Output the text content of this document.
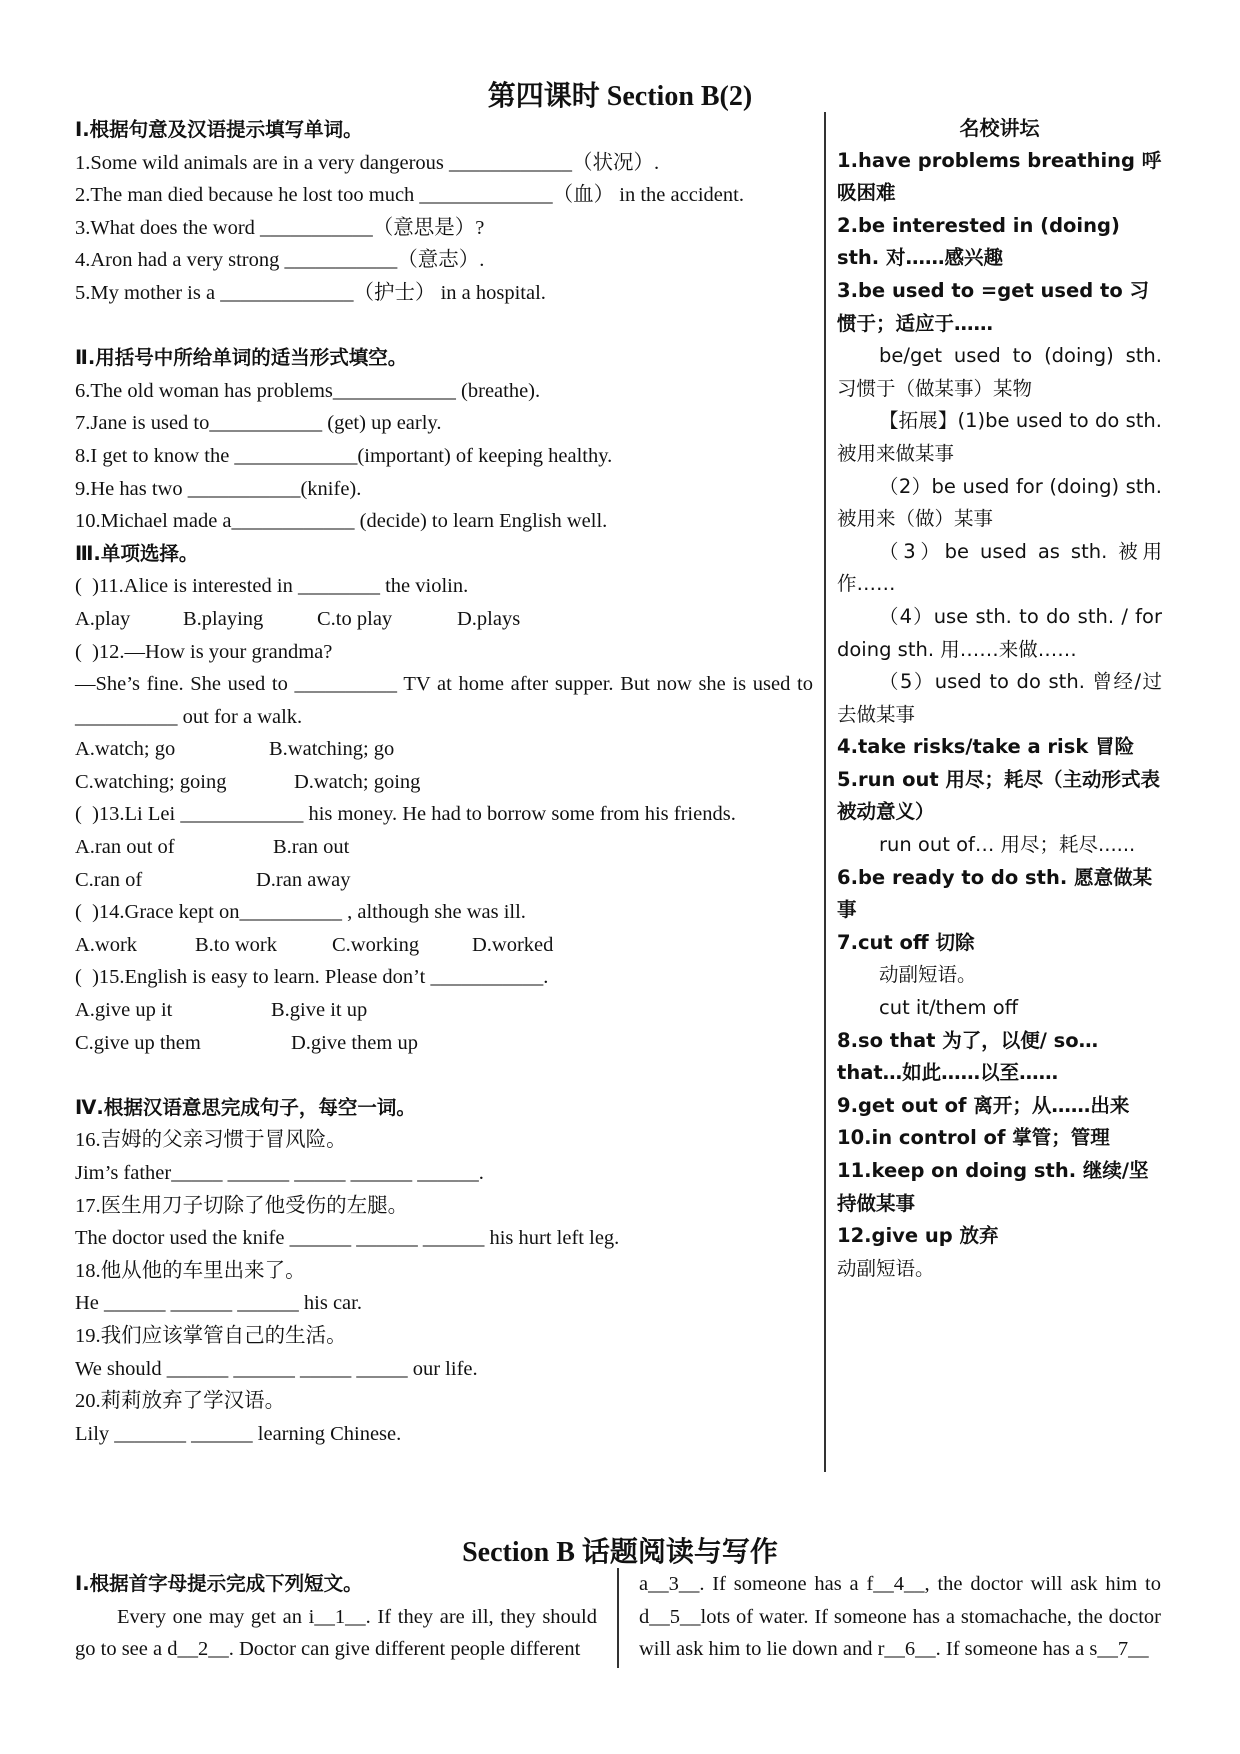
第四课时 Section B(2)

Ⅰ.根据句意及汉语提示填写单词。

1.Some wild animals are in a very dangerous ____________（状况）.

2.The man died because he lost too much _____________（血） in the accident.

3.What does the word ___________（意思是）?

4.Aron had a very strong ___________（意志）.

5.My mother is a _____________（护士） in a hospital.

Ⅱ.用括号中所给单词的适当形式填空。

6.The old woman has problems____________ (breathe).

7.Jane is used to___________ (get) up early.

8.I get to know the ____________(important) of keeping healthy.

9.He has two ___________(knife).

10.Michael made a____________ (decide) to learn English well.

Ⅲ.单项选择。

(  )11.Alice is interested in ________ the violin.

A.play	B.playing	C.to play	D.plays

(  )12.—How is your grandma?

—She’s fine. She used to __________ TV at home after supper. But now she is used to __________ out for a walk.

A.watch; go	B.watching; go
C.watching; going	D.watch; going

(  )13.Li Lei ____________ his money. He had to borrow some from his friends.

A.ran out of	B.ran out
C.ran of	D.ran away

(  )14.Grace kept on__________ , although she was ill.

A.work	B.to work	C.working	D.worked

(  )15.English is easy to learn. Please don’t ___________.

A.give up it	B.give it up
C.give up them	D.give them up

Ⅳ.根据汉语意思完成句子，每空一词。

16.吉姆的父亲习惯于冒风险。

Jim’s father_____ ______ _____ ______ ______.

17.医生用刀子切除了他受伤的左腿。

The doctor used the knife ______ ______ ______ his hurt left leg.

18.他从他的车里出来了。

He ______ ______ ______ his car.

19.我们应该掌管自己的生活。

We should ______ ______ _____ _____ our life.

20.莉莉放弃了学汉语。

Lily _______ ______ learning Chinese.

名校讲坛

1.have problems breathing 呼吸困难

2.be interested in (doing) sth. 对……感兴趣

3.be used to =get used to 习惯于；适应于……

be/get used to (doing) sth. 习惯于（做某事）某物

【拓展】(1)be used to do sth. 被用来做某事

（2）be used for (doing) sth. 被用来（做）某事

（3）be used as sth. 被用作……

（4）use sth. to do sth. / for doing sth. 用……来做……

（5）used to do sth. 曾经/过去做某事

4.take risks/take a risk 冒险

5.run out 用尽；耗尽（主动形式表被动意义）

run out of… 用尽；耗尽......

6.be ready to do sth. 愿意做某事

7.cut off 切除

动副短语。

cut it/them off

8.so that 为了，以便/ so…that…如此……以至……

9.get out of 离开；从……出来

10.in control of 掌管；管理

11.keep on doing sth. 继续/坚持做某事

12.give up 放弃

动副短语。

Section B 话题阅读与写作

Ⅰ.根据首字母提示完成下列短文。

Every one may get an i__1__. If they are ill, they should go to see a d__2__. Doctor can give different people different

a__3__. If someone has a f__4__, the doctor will ask him to d__5__lots of water. If someone has a stomachache, the doctor will ask him to lie down and r__6__. If someone has a s__7__
